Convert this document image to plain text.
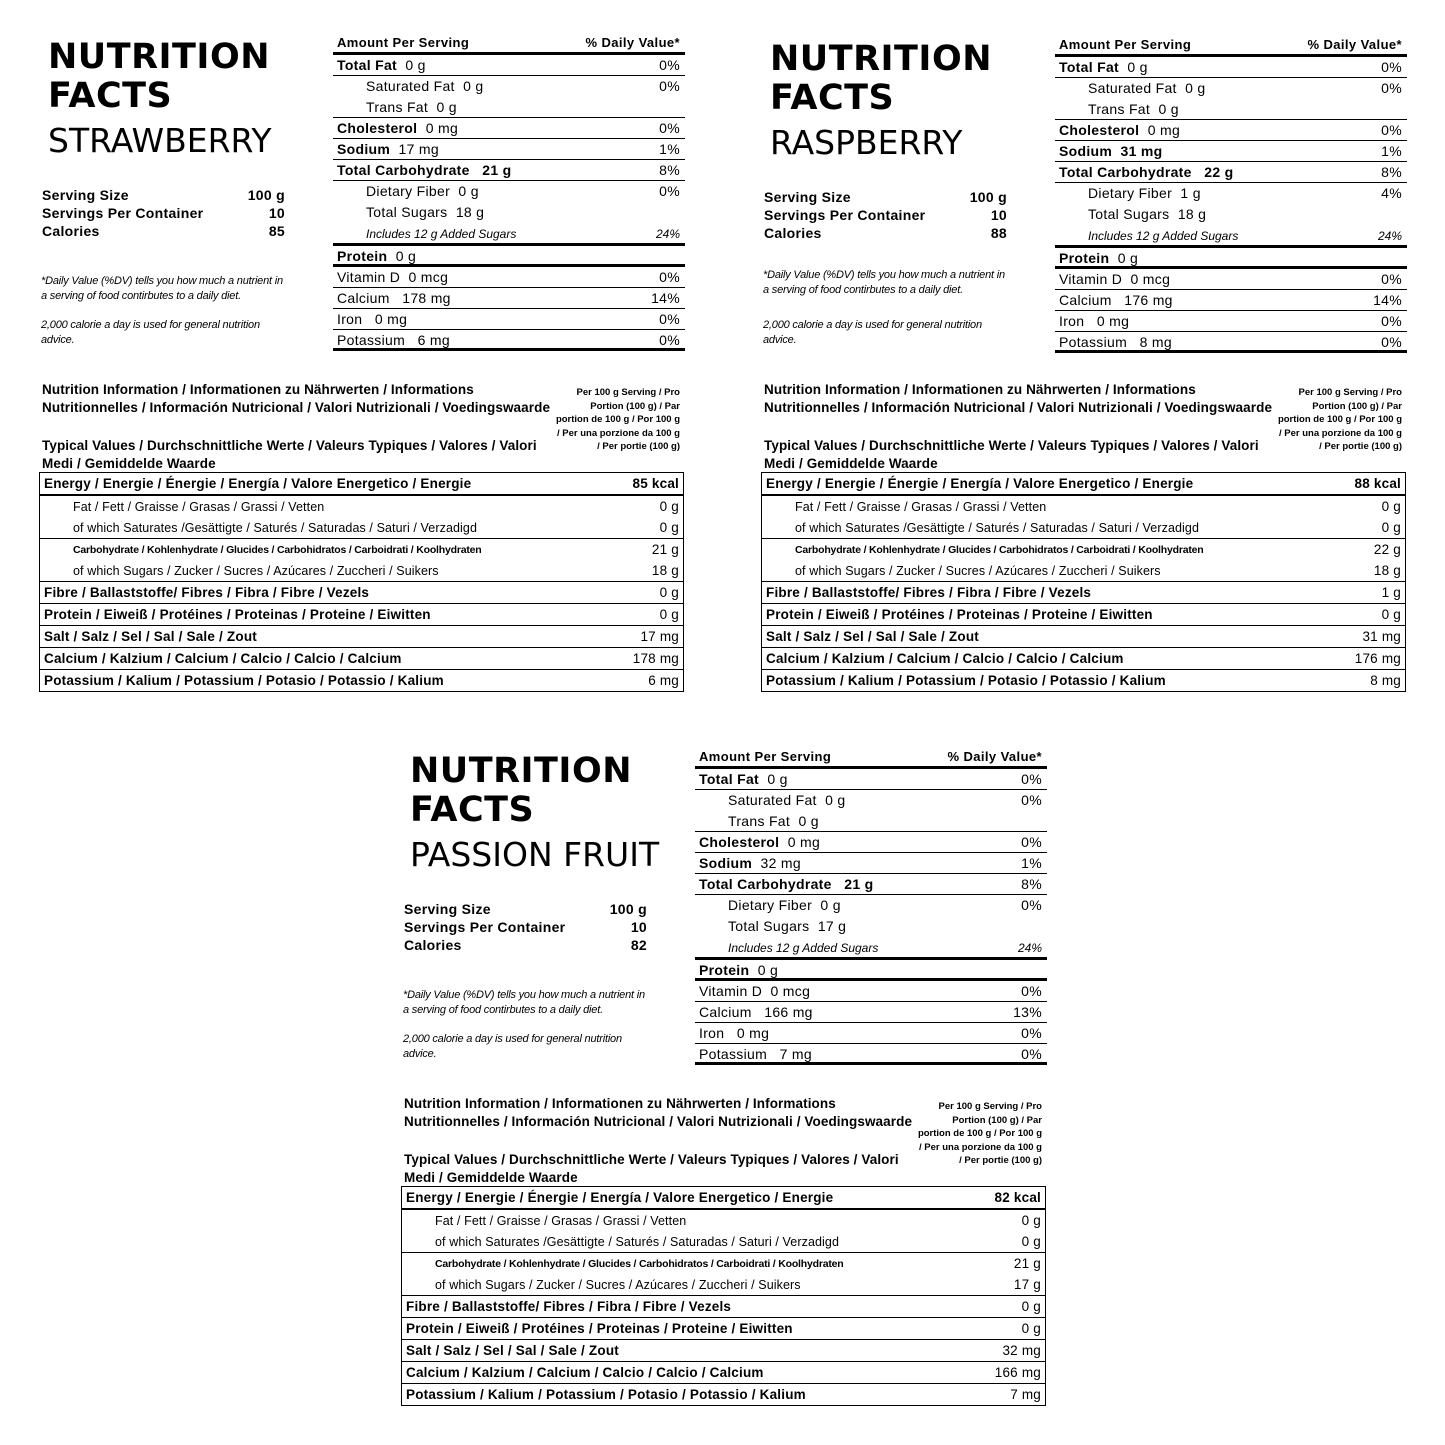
NUTRITION
FACTS
STRAWBERRY
Serving Size	100 g
Servings Per Container	10
Calories	85
*Daily Value (%DV) tells you how much a nutrient in a serving of food contirbutes to a daily diet.
2,000 calorie a day is used for general nutrition advice.
Amount Per Serving	% Daily Value*
Total Fat 0 g	0%
Saturated Fat 0 g	0%
Trans Fat 0 g
Cholesterol 0 mg	0%
Sodium 17 mg	1%
Total Carbohydrate 21 g	8%
Dietary Fiber 0 g	0%
Total Sugars 18 g
Includes 12 g Added Sugars	24%
Protein 0 g
Vitamin D 0 mcg	0%
Calcium 178 mg	14%
Iron 0 mg	0%
Potassium 6 mg	0%
Nutrition Information / Informationen zu Nährwerten / Informations Nutritionnelles / Información Nutricional / Valori Nutrizionali / Voedingswaarde
Typical Values / Durchschnittliche Werte / Valeurs Typiques / Valores / Valori Medi / Gemiddelde Waarde
Per 100 g Serving / Pro Portion (100 g) / Par portion de 100 g / Por 100 g / Per una porzione da 100 g / Per portie (100 g)
Energy / Energie / Énergie / Energía / Valore Energetico / Energie	85 kcal
Fat / Fett / Graisse / Grasas / Grassi / Vetten	0 g
of which Saturates /Gesättigte / Saturés / Saturadas / Saturi / Verzadigd	0 g
Carbohydrate / Kohlenhydrate / Glucides / Carbohidratos / Carboidrati / Koolhydraten	21 g
of which Sugars / Zucker / Sucres / Azúcares / Zuccheri / Suikers	18 g
Fibre / Ballaststoffe/ Fibres / Fibra / Fibre / Vezels	0 g
Protein / Eiweiß / Protéines / Proteinas / Proteine / Eiwitten	0 g
Salt / Salz / Sel / Sal / Sale / Zout	17 mg
Calcium / Kalzium / Calcium / Calcio / Calcio / Calcium	178 mg
Potassium / Kalium / Potassium / Potasio / Potassio / Kalium	6 mg
NUTRITION
FACTS
RASPBERRY
Serving Size	100 g
Servings Per Container	10
Calories	88
*Daily Value (%DV) tells you how much a nutrient in a serving of food contirbutes to a daily diet.
2,000 calorie a day is used for general nutrition advice.
Amount Per Serving	% Daily Value*
Total Fat 0 g	0%
Saturated Fat 0 g	0%
Trans Fat 0 g
Cholesterol 0 mg	0%
Sodium 31 mg	1%
Total Carbohydrate 22 g	8%
Dietary Fiber 1 g	4%
Total Sugars 18 g
Includes 12 g Added Sugars	24%
Protein 0 g
Vitamin D 0 mcg	0%
Calcium 176 mg	14%
Iron 0 mg	0%
Potassium 8 mg	0%
Nutrition Information / Informationen zu Nährwerten / Informations Nutritionnelles / Información Nutricional / Valori Nutrizionali / Voedingswaarde
Typical Values / Durchschnittliche Werte / Valeurs Typiques / Valores / Valori Medi / Gemiddelde Waarde
Per 100 g Serving / Pro Portion (100 g) / Par portion de 100 g / Por 100 g / Per una porzione da 100 g / Per portie (100 g)
Energy / Energie / Énergie / Energía / Valore Energetico / Energie	88 kcal
Fat / Fett / Graisse / Grasas / Grassi / Vetten	0 g
of which Saturates /Gesättigte / Saturés / Saturadas / Saturi / Verzadigd	0 g
Carbohydrate / Kohlenhydrate / Glucides / Carbohidratos / Carboidrati / Koolhydraten	22 g
of which Sugars / Zucker / Sucres / Azúcares / Zuccheri / Suikers	18 g
Fibre / Ballaststoffe/ Fibres / Fibra / Fibre / Vezels	1 g
Protein / Eiweiß / Protéines / Proteinas / Proteine / Eiwitten	0 g
Salt / Salz / Sel / Sal / Sale / Zout	31 mg
Calcium / Kalzium / Calcium / Calcio / Calcio / Calcium	176 mg
Potassium / Kalium / Potassium / Potasio / Potassio / Kalium	8 mg
NUTRITION
FACTS
PASSION FRUIT
Serving Size	100 g
Servings Per Container	10
Calories	82
*Daily Value (%DV) tells you how much a nutrient in a serving of food contirbutes to a daily diet.
2,000 calorie a day is used for general nutrition advice.
Amount Per Serving	% Daily Value*
Total Fat 0 g	0%
Saturated Fat 0 g	0%
Trans Fat 0 g
Cholesterol 0 mg	0%
Sodium 32 mg	1%
Total Carbohydrate 21 g	8%
Dietary Fiber 0 g	0%
Total Sugars 17 g
Includes 12 g Added Sugars	24%
Protein 0 g
Vitamin D 0 mcg	0%
Calcium 166 mg	13%
Iron 0 mg	0%
Potassium 7 mg	0%
Nutrition Information / Informationen zu Nährwerten / Informations Nutritionnelles / Información Nutricional / Valori Nutrizionali / Voedingswaarde
Typical Values / Durchschnittliche Werte / Valeurs Typiques / Valores / Valori Medi / Gemiddelde Waarde
Per 100 g Serving / Pro Portion (100 g) / Par portion de 100 g / Por 100 g / Per una porzione da 100 g / Per portie (100 g)
Energy / Energie / Énergie / Energía / Valore Energetico / Energie	82 kcal
Fat / Fett / Graisse / Grasas / Grassi / Vetten	0 g
of which Saturates /Gesättigte / Saturés / Saturadas / Saturi / Verzadigd	0 g
Carbohydrate / Kohlenhydrate / Glucides / Carbohidratos / Carboidrati / Koolhydraten	21 g
of which Sugars / Zucker / Sucres / Azúcares / Zuccheri / Suikers	17 g
Fibre / Ballaststoffe/ Fibres / Fibra / Fibre / Vezels	0 g
Protein / Eiweiß / Protéines / Proteinas / Proteine / Eiwitten	0 g
Salt / Salz / Sel / Sal / Sale / Zout	32 mg
Calcium / Kalzium / Calcium / Calcio / Calcio / Calcium	166 mg
Potassium / Kalium / Potassium / Potasio / Potassio / Kalium	7 mg
